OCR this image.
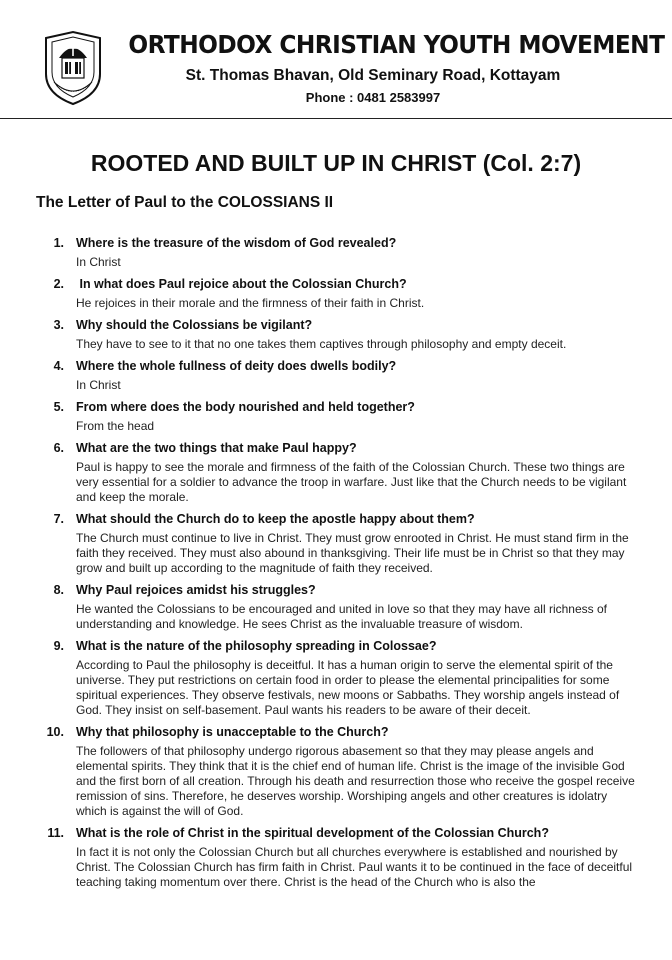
ORTHODOX CHRISTIAN YOUTH MOVEMENT
St. Thomas Bhavan, Old Seminary Road, Kottayam
Phone : 0481 2583997
ROOTED AND BUILT UP IN CHRIST (Col. 2:7)
The Letter of Paul to the COLOSSIANS II
1. Where is the treasure of the wisdom of God revealed?
In Christ
2. In what does Paul rejoice about the Colossian Church?
He rejoices in their morale and the firmness of their faith in Christ.
3. Why should the Colossians be vigilant?
They have to see to it that no one takes them captives through philosophy and empty deceit.
4. Where the whole fullness of deity does dwells bodily?
In Christ
5. From where does the body nourished and held together?
From the head
6. What are the two things that make Paul happy?
Paul is happy to see the morale and firmness of the faith of the Colossian Church. These two things are very essential for a soldier to advance the troop in warfare. Just like that the Church needs to be vigilant and keep the morale.
7. What should the Church do to keep the apostle happy about them?
The Church must continue to live in Christ. They must grow enrooted in Christ. He must stand firm in the faith they received. They must also abound in thanksgiving. Their life must be in Christ so that they may grow and built up according to the magnitude of faith they received.
8. Why Paul rejoices amidst his struggles?
He wanted the Colossians to be encouraged and united in love so that they may have all richness of understanding and knowledge. He sees Christ as the invaluable treasure of wisdom.
9. What is the nature of the philosophy spreading in Colossae?
According to Paul the philosophy is deceitful. It has a human origin to serve the elemental spirit of the universe. They put restrictions on certain food in order to please the elemental principalities for some spiritual experiences. They observe festivals, new moons or Sabbaths. They worship angels instead of God. They insist on self-basement. Paul wants his readers to be aware of their deceit.
10. Why that philosophy is unacceptable to the Church?
The followers of that philosophy undergo rigorous abasement so that they may please angels and elemental spirits. They think that it is the chief end of human life. Christ is the image of the invisible God and the first born of all creation. Through his death and resurrection those who receive the gospel receive remission of sins. Therefore, he deserves worship. Worshiping angels and other creatures is idolatry which is against the will of God.
11. What is the role of Christ in the spiritual development of the Colossian Church?
In fact it is not only the Colossian Church but all churches everywhere is established and nourished by Christ. The Colossian Church has firm faith in Christ. Paul wants it to be continued in the face of deceitful teaching taking momentum over there. Christ is the head of the Church who is also the
